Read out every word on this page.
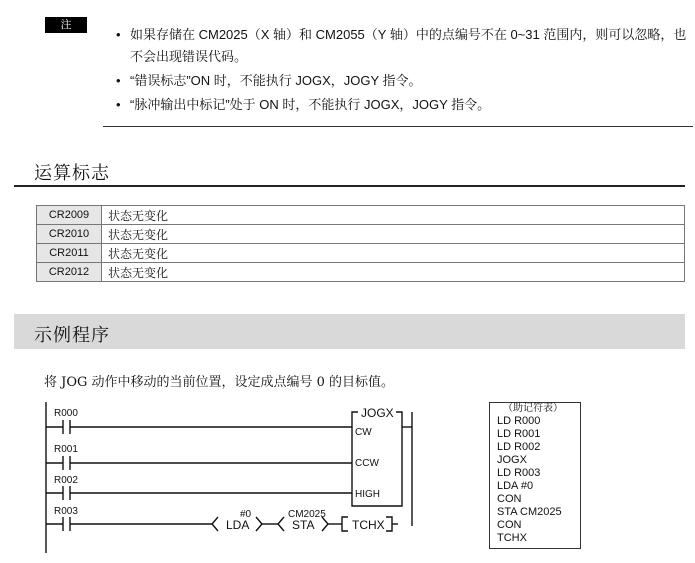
注
• 如果存储在 CM2025（X 轴）和 CM2055（Y 轴）中的点编号不在 0~31 范围内，则可以忽略，也不会出现错误代码。
• “错误标志”ON 时，不能执行 JOGX，JOGY 指令。
• “脉冲输出中标记”处于 ON 时，不能执行 JOGX，JOGY 指令。
运算标志
CR2009	状态无变化
CR2010	状态无变化
CR2011	状态无变化
CR2012	状态无变化
示例程序
将 JOG 动作中移动的当前位置，设定成点编号 0 的目标值。
R000
R001
R002
R003
JOGX
CW
CCW
HIGH
#0
LDA
CM2025
STA	TCHX
（助记符表）
LD R000
LD R001
LD R002
JOGX
LD R003
LDA #0
CON
STA CM2025
CON
TCHX
